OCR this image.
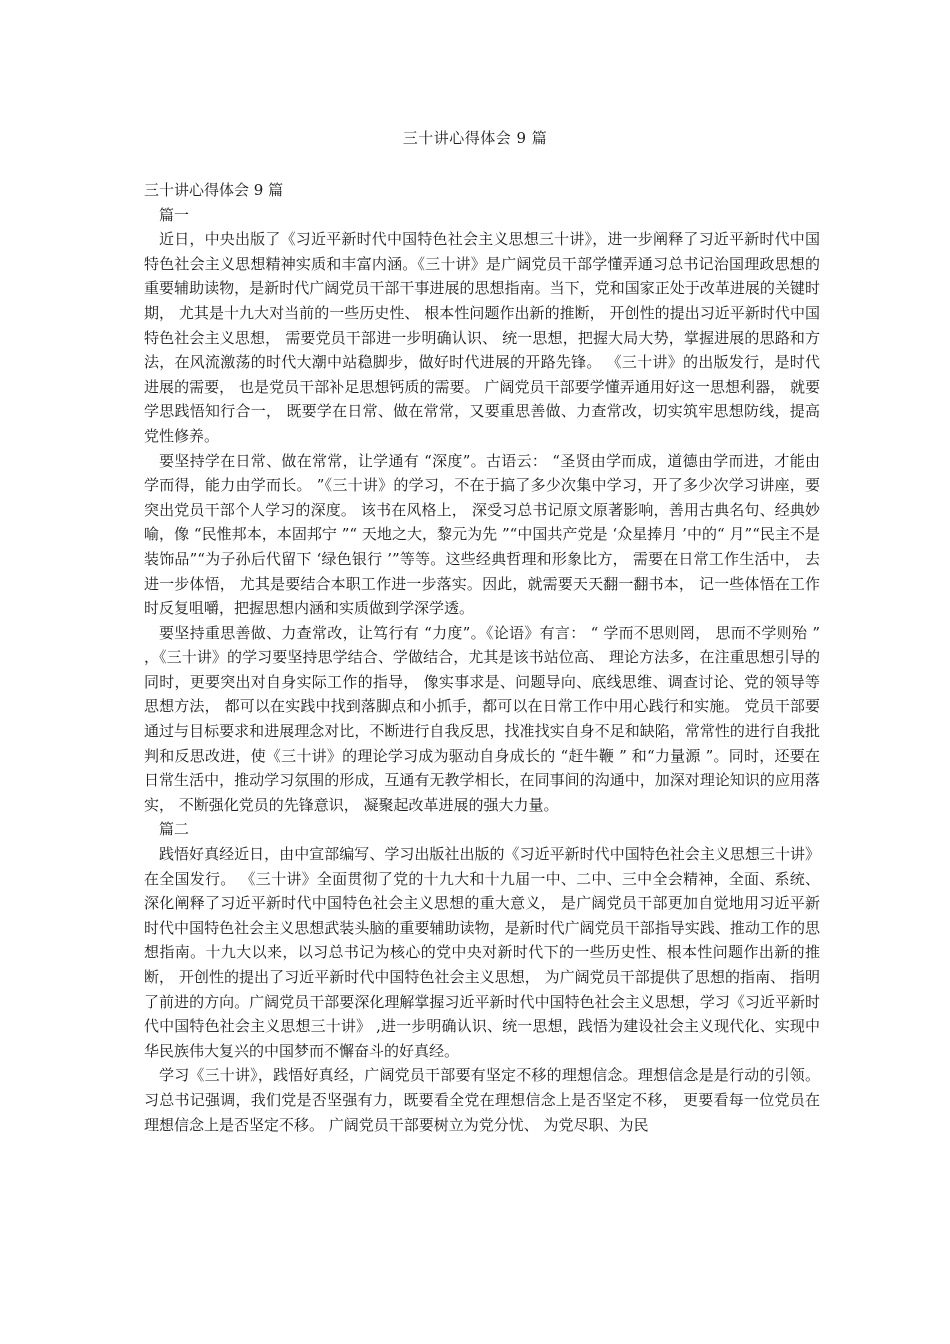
三十讲心得体会 9 篇

三十讲心得体会 9 篇

篇一

近日，中央出版了《习近平新时代中国特色社会主义思想三十讲》，进一步阐释了习近平新时代中国特色社会主义思想精神实质和丰富内涵。《三十讲》是广阔党员干部学懂弄通习总书记治国理政思想的重要辅助读物，是新时代广阔党员干部干事进展的思想指南。当下，党和国家正处于改革进展的关键时期， 尤其是十九大对当前的一些历史性、 根本性问题作出新的推断， 开创性的提出习近平新时代中国特色社会主义思想， 需要党员干部进一步明确认识、 统一思想，把握大局大势，掌握进展的思路和方法，在风流激荡的时代大潮中站稳脚步，做好时代进展的开路先锋。 《三十讲》的出版发行，是时代进展的需要， 也是党员干部补足思想钙质的需要。 广阔党员干部要学懂弄通用好这一思想利器， 就要学思践悟知行合一， 既要学在日常、做在常常，又要重思善做、力查常改，切实筑牢思想防线，提高党性修养。

要坚持学在日常、做在常常，让学通有 “深度”。古语云： “圣贤由学而成，道德由学而进，才能由学而得，能力由学而长。 ”《三十讲》的学习，不在于搞了多少次集中学习，开了多少次学习讲座，要突出党员干部个人学习的深度。 该书在风格上， 深受习总书记原文原著影响，善用古典名句、经典妙喻，像 “民惟邦本，本固邦宁 ”“ 天地之大，黎元为先 ”“中国共产党是 ‘众星捧月 ’中的“ 月”“民主不是装饰品”“为子孙后代留下 ‘绿色银行 ’”等等。这些经典哲理和形象比方， 需要在日常工作生活中， 去进一步体悟， 尤其是要结合本职工作进一步落实。因此，就需要天天翻一翻书本， 记一些体悟在工作时反复咀嚼，把握思想内涵和实质做到学深学透。

要坚持重思善做、力查常改，让笃行有 “力度”。《论语》有言： “ 学而不思则罔， 思而不学则殆 ” ，《三十讲》的学习要坚持思学结合、学做结合，尤其是该书站位高、 理论方法多，在注重思想引导的同时，更要突出对自身实际工作的指导， 像实事求是、问题导向、底线思维、调查讨论、党的领导等思想方法， 都可以在实践中找到落脚点和小抓手，都可以在日常工作中用心践行和实施。 党员干部要通过与目标要求和进展理念对比，不断进行自我反思，找准找实自身不足和缺陷，常常性的进行自我批判和反思改进，使《三十讲》的理论学习成为驱动自身成长的 “赶牛鞭 ” 和“力量源 ”。同时，还要在日常生活中，推动学习氛围的形成，互通有无教学相长，在同事间的沟通中，加深对理论知识的应用落实， 不断强化党员的先锋意识， 凝聚起改革进展的强大力量。

篇二

践悟好真经近日，由中宣部编写、学习出版社出版的《习近平新时代中国特色社会主义思想三十讲》在全国发行。 《三十讲》全面贯彻了党的十九大和十九届一中、二中、三中全会精神，全面、系统、深化阐释了习近平新时代中国特色社会主义思想的重大意义， 是广阔党员干部更加自觉地用习近平新时代中国特色社会主义思想武装头脑的重要辅助读物，是新时代广阔党员干部指导实践、推动工作的思想指南。十九大以来，以习总书记为核心的党中央对新时代下的一些历史性、根本性问题作出新的推断， 开创性的提出了习近平新时代中国特色社会主义思想， 为广阔党员干部提供了思想的指南、 指明了前进的方向。广阔党员干部要深化理解掌握习近平新时代中国特色社会主义思想，学习《习近平新时代中国特色社会主义思想三十讲》 ,进一步明确认识、统一思想，践悟为建设社会主义现代化、实现中华民族伟大复兴的中国梦而不懈奋斗的好真经。

学习《三十讲》，践悟好真经，广阔党员干部要有坚定不移的理想信念。理想信念是是行动的引领。习总书记强调，我们党是否坚强有力，既要看全党在理想信念上是否坚定不移， 更要看每一位党员在理想信念上是否坚定不移。 广阔党员干部要树立为党分忧、 为党尽职、为民
